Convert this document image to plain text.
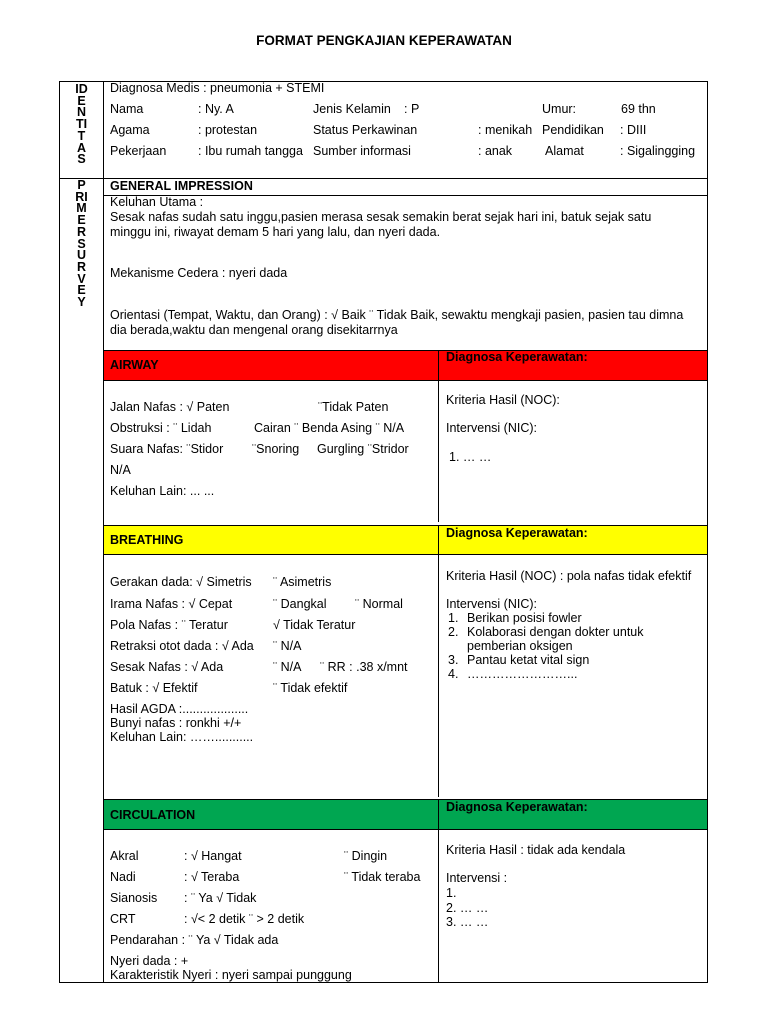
FORMAT PENGKAJIAN KEPERAWATAN
ID
E
N
TI
T
A
S
P
RI
M
E
R
S
U
R
V
E
Y
Diagnosa Medis : pneumonia + STEMI
Nama	: Ny. A	Jenis Kelamin : P	Umur:	69 thn
Agama	: protestan	Status Perkawinan	: menikah Pendidikan : DIII
Pekerjaan	: Ibu rumah tangga Sumber informasi	: anak	Alamat	: Sigalingging
GENERAL IMPRESSION
Keluhan Utama :
Sesak nafas sudah satu inggu,pasien merasa sesak semakin berat sejak hari ini, batuk sejak satu minggu ini, riwayat demam 5 hari yang lalu, dan nyeri dada.
Mekanisme Cedera : nyeri dada
Orientasi (Tempat, Waktu, dan Orang) : √ Baik ¨ Tidak Baik, sewaktu mengkaji pasien, pasien tau dimna dia berada,waktu dan mengenal orang disekitarrnya
AIRWAY
Diagnosa Keperawatan:
Jalan Nafas : √ Paten	¨Tidak Paten
Obstruksi : ¨ Lidah	Cairan ¨ Benda Asing ¨ N/A
Suara Nafas: ¨Stidor ¨Snoring Gurgling ¨Stridor
N/A
Keluhan Lain: ... ...
Kriteria Hasil (NOC):
Intervensi (NIC):
1. … …
BREATHING	Diagnosa Keperawatan:
Gerakan dada: √ Simetris ¨ Asimetris
Irama Nafas : √ Cepat	¨ Dangkal ¨ Normal
Pola Nafas : ¨ Teratur	√ Tidak Teratur
Retraksi otot dada : √ Ada ¨ N/A
Sesak Nafas : √ Ada	¨ N/A ¨ RR : .38 x/mnt
Batuk : √ Efektif	¨ Tidak efektif
Hasil AGDA :...................
Bunyi nafas : ronkhi +/+
Keluhan Lain: ……...........
Kriteria Hasil (NOC) : pola nafas tidak efektif
Intervensi (NIC):
1. Berikan posisi fowler
2. Kolaborasi dengan dokter untuk
pemberian oksigen
3. Pantau ketat vital sign
4. ……………………...
CIRCULATION
Diagnosa Keperawatan:
Akral	: √ Hangat	¨ Dingin
Nadi	: √ Teraba	¨ Tidak teraba
Sianosis : ¨ Ya √ Tidak
CRT	: √< 2 detik ¨ > 2 detik
Pendarahan : ¨ Ya √ Tidak ada
Nyeri dada : +
Karakteristik Nyeri : nyeri sampai punggung
Kriteria Hasil : tidak ada kendala
Intervensi :
1.
2. … …
3. … …
